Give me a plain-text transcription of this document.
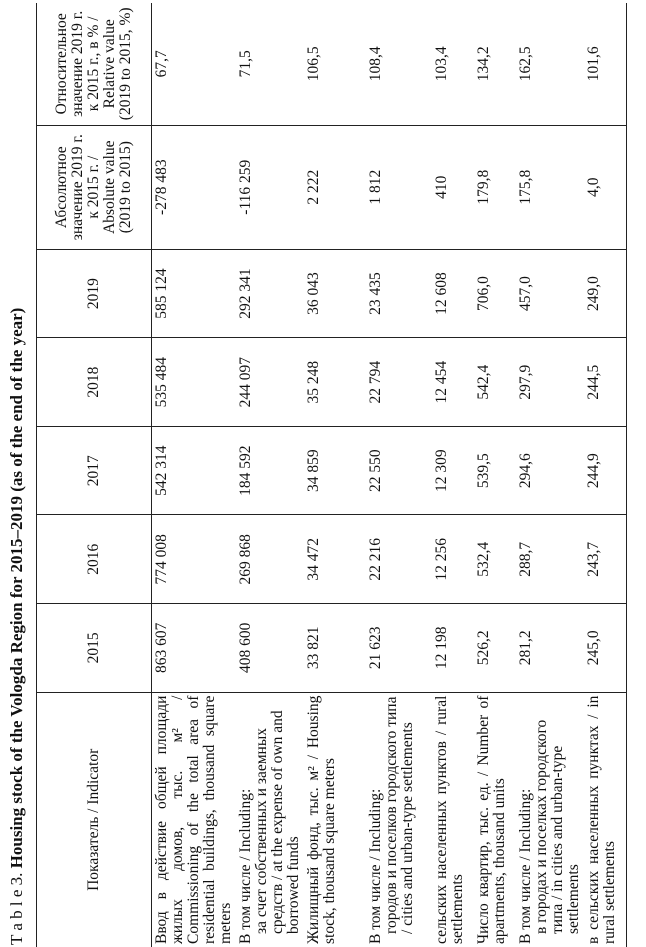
T a b l e 3. Housing stock of the Vologda Region for 2015–2019 (as of the end of the year)	Показатель / Indicator	2015	2016	2017	2018	2019	Абсолютное значение 2019 г. к 2015 г. / Absolute value (2019 to 2015)	Относительное значение 2019 г. к 2015 г., в % / Relative value (2019 to 2015, %)
Ввод в действие общей площади жилых домов, тыс. м² / Commissioning of the total area of residential buildings, thousand square meters	863 607	774 008	542 314	535 484	585 124	-278 483	67,7
В том числе / Including: за счет собственных и заемных средств / at the expense of own and borrowed funds	408 600	269 868	184 592	244 097	292 341	-116 259	71,5
Жилищный фонд, тыс. м² / Housing stock, thousand square meters	33 821	34 472	34 859	35 248	36 043	2 222	106,5
В том числе / Including: городов и поселков городского типа / cities and urban-type settlements	21 623	22 216	22 550	22 794	23 435	1 812	108,4
сельских населенных пунктов / rural settlements	12 198	12 256	12 309	12 454	12 608	410	103,4
Число квартир, тыс. ед. / Number of apartments, thousand units	526,2	532,4	539,5	542,4	706,0	179,8	134,2
В том числе / Including: в городах и поселках городского типа / in cities and urban-type settlements	281,2	288,7	294,6	297,9	457,0	175,8	162,5
в сельских населенных пунктах / in rural settlements	245,0	243,7	244,9	244,5	249,0	4,0	101,6
